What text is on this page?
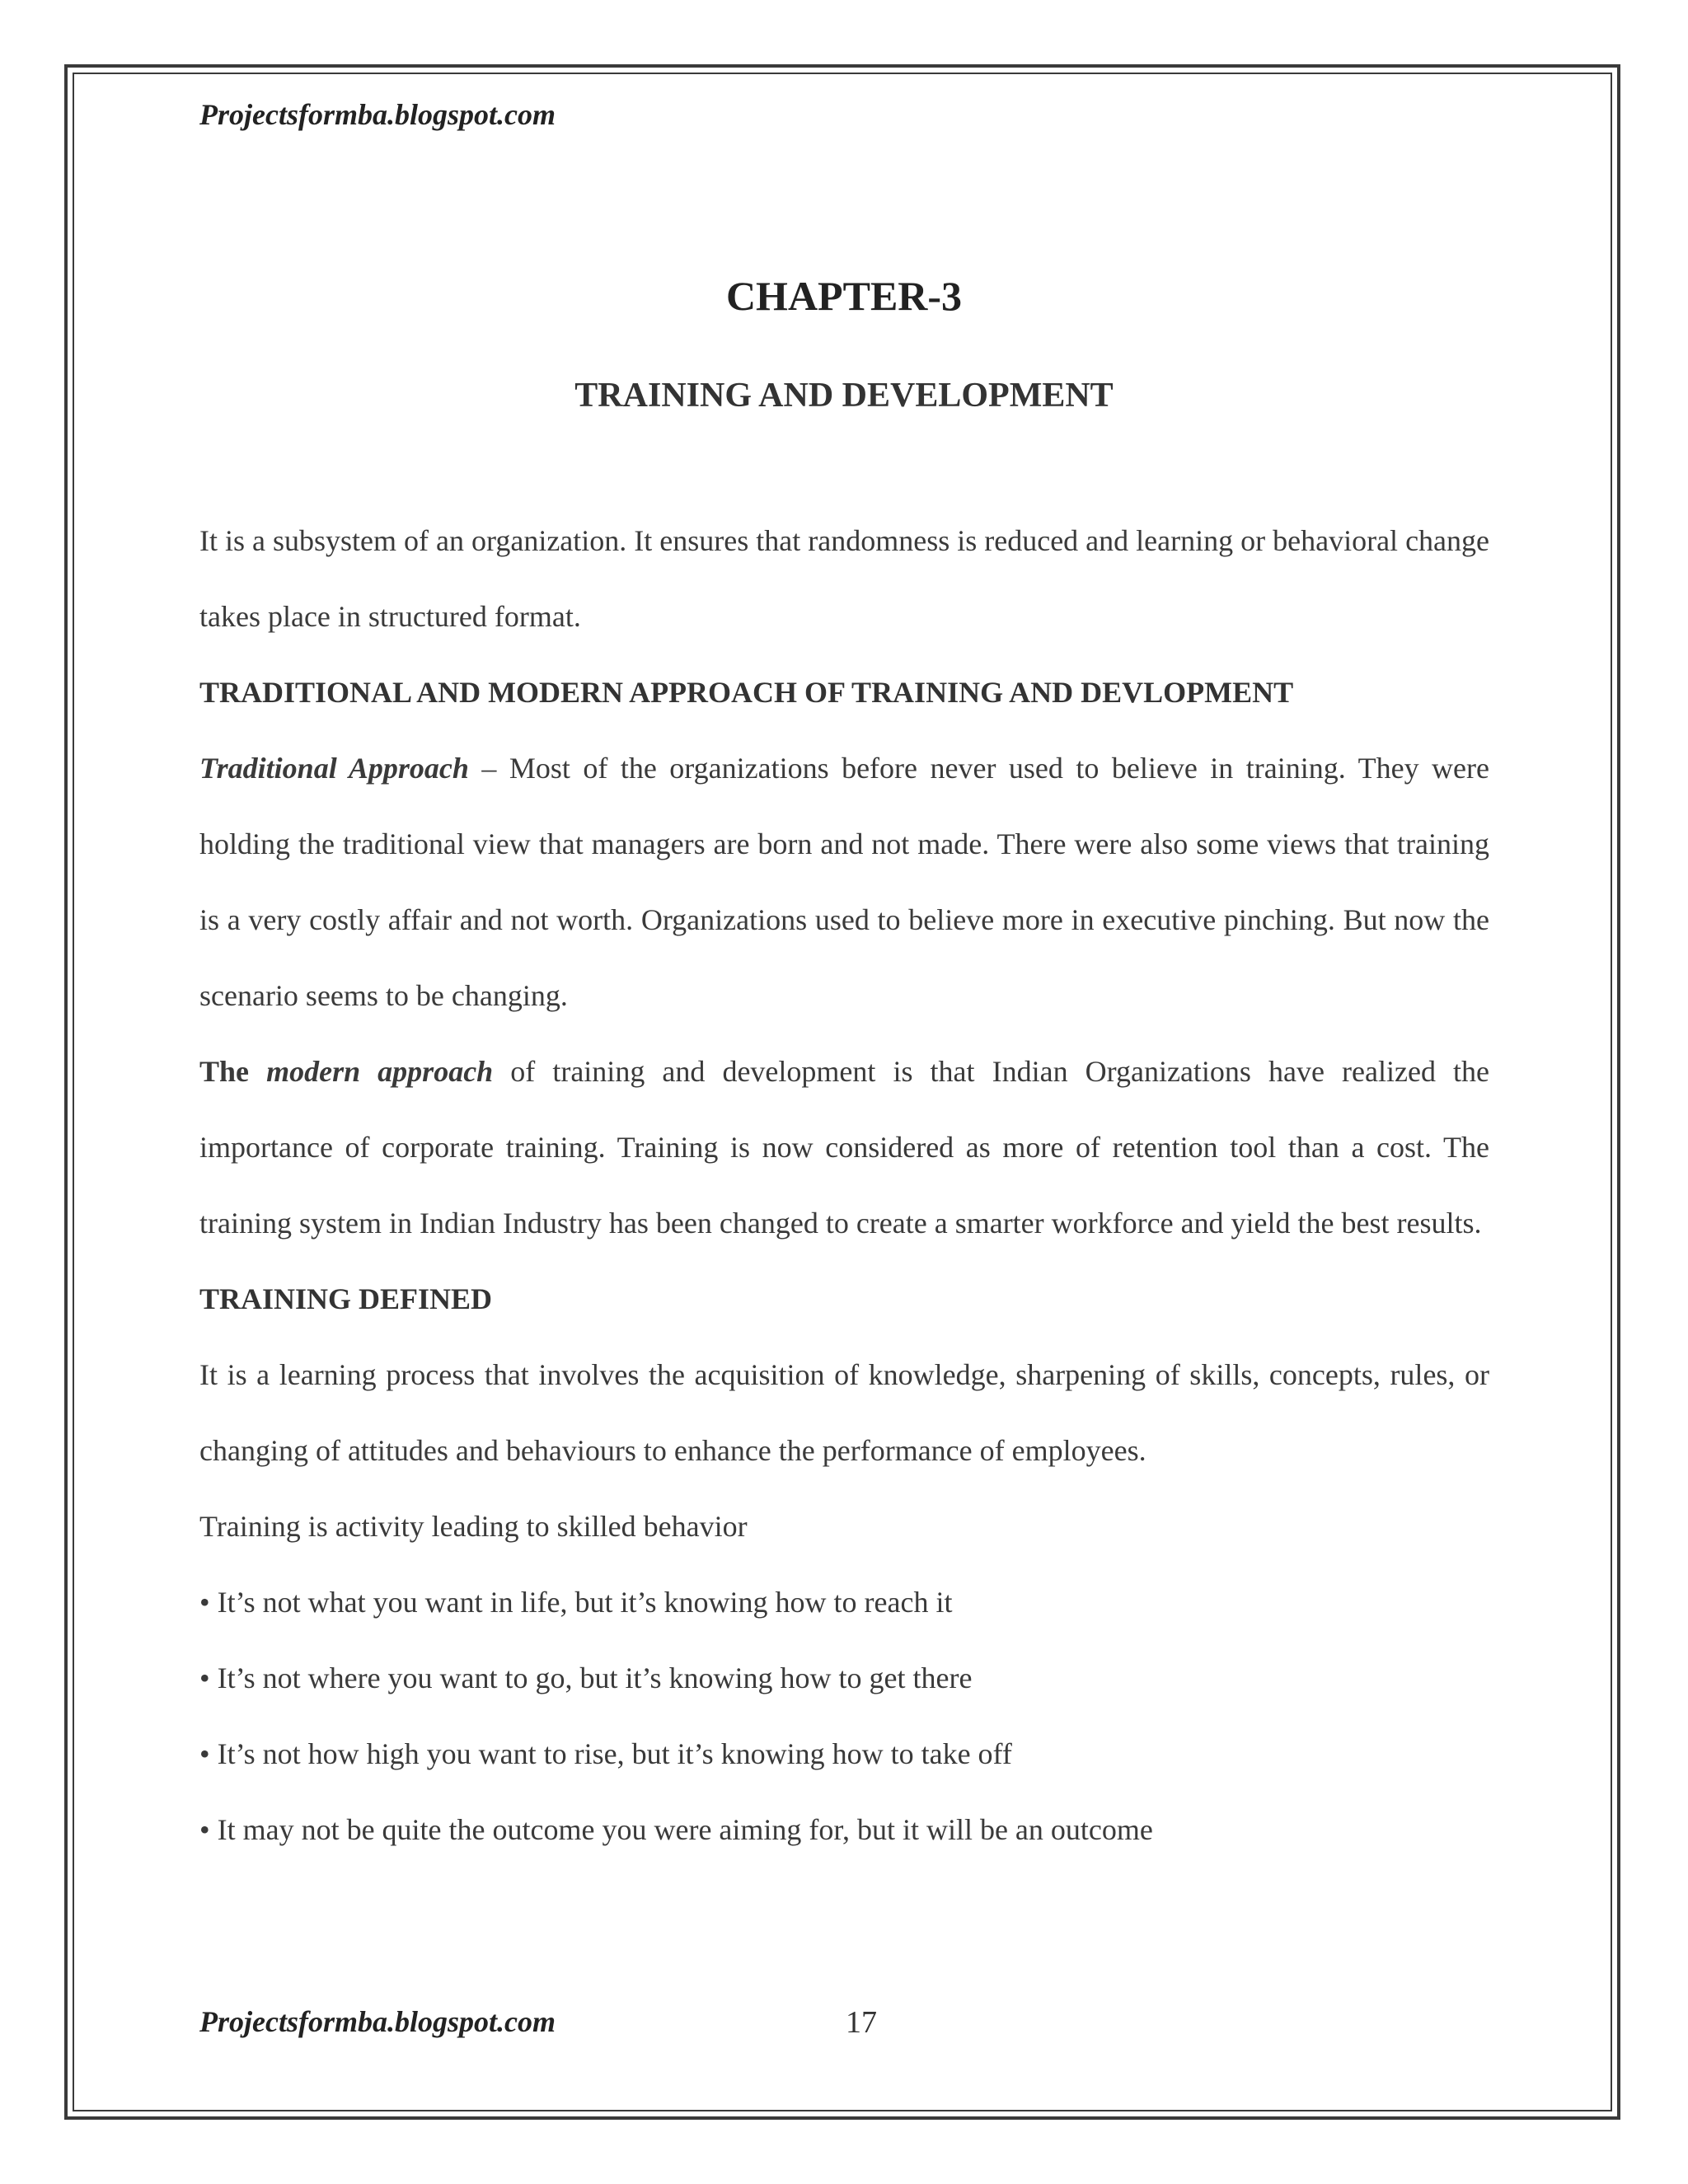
Projectsformba.blogspot.com
CHAPTER-3
TRAINING AND DEVELOPMENT

It is a subsystem of an organization. It ensures that randomness is reduced and learning or behavioral change takes place in structured format.

TRADITIONAL AND MODERN APPROACH OF TRAINING AND DEVLOPMENT

Traditional Approach – Most of the organizations before never used to believe in training. They were holding the traditional view that managers are born and not made. There were also some views that training is a very costly affair and not worth. Organizations used to believe more in executive pinching. But now the scenario seems to be changing.

The modern approach of training and development is that Indian Organizations have realized the importance of corporate training. Training is now considered as more of retention tool than a cost. The training system in Indian Industry has been changed to create a smarter workforce and yield the best results.

TRAINING DEFINED

It is a learning process that involves the acquisition of knowledge, sharpening of skills, concepts, rules, or changing of attitudes and behaviours to enhance the performance of employees.

Training is activity leading to skilled behavior

• It’s not what you want in life, but it’s knowing how to reach it

• It’s not where you want to go, but it’s knowing how to get there

• It’s not how high you want to rise, but it’s knowing how to take off

• It may not be quite the outcome you were aiming for, but it will be an outcome

Projectsformba.blogspot.com	17
